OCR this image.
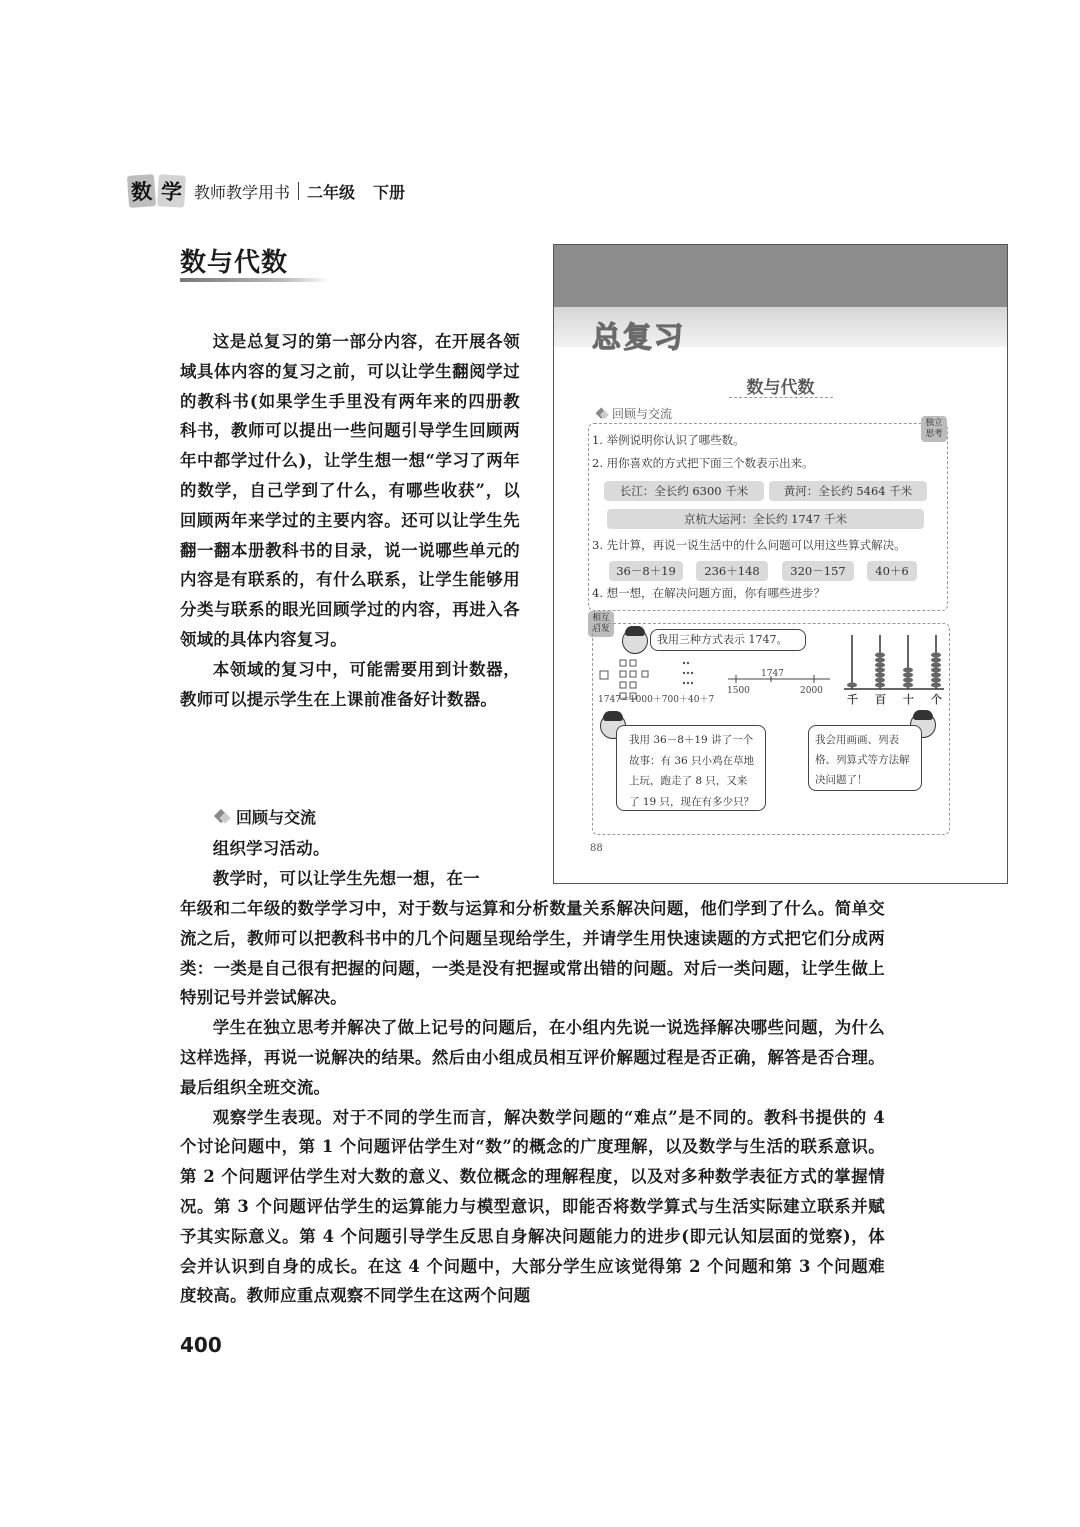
数 学 教师教学用书 二年级 下册
数与代数

这是总复习的第一部分内容，在开展各领域具体内容的复习之前，可以让学生翻阅学过的教科书(如果学生手里没有两年来的四册教科书，教师可以提出一些问题引导学生回顾两年中都学过什么)，让学生想一想“学习了两年的数学，自己学到了什么，有哪些收获”，以回顾两年来学过的主要内容。还可以让学生先翻一翻本册教科书的目录，说一说哪些单元的内容是有联系的，有什么联系，让学生能够用分类与联系的眼光回顾学过的内容，再进入各领域的具体内容复习。

本领域的复习中，可能需要用到计数器，教师可以提示学生在上课前准备好计数器。

回顾与交流

组织学习活动。

教学时，可以让学生先想一想，在一

年级和二年级的数学学习中，对于数与运算和分析数量关系解决问题，他们学到了什么。简单交流之后，教师可以把教科书中的几个问题呈现给学生，并请学生用快速读题的方式把它们分成两类：一类是自己很有把握的问题，一类是没有把握或常出错的问题。对后一类问题，让学生做上特别记号并尝试解决。

学生在独立思考并解决了做上记号的问题后，在小组内先说一说选择解决哪些问题，为什么这样选择，再说一说解决的结果。然后由小组成员相互评价解题过程是否正确，解答是否合理。最后组织全班交流。

观察学生表现。对于不同的学生而言，解决数学问题的“难点”是不同的。教科书提供的 4 个讨论问题中，第 1 个问题评估学生对“数”的概念的广度理解，以及数学与生活的联系意识。第 2 个问题评估学生对大数的意义、数位概念的理解程度，以及对多种数学表征方式的掌握情况。第 3 个问题评估学生的运算能力与模型意识，即能否将数学算式与生活实际建立联系并赋予其实际意义。第 4 个问题引导学生反思自身解决问题能力的进步(即元认知层面的觉察)，体会并认识到自身的成长。在这 4 个问题中，大部分学生应该觉得第 2 个问题和第 3 个问题难度较高。教师应重点观察不同学生在这两个问题

400
总复习
数与代数
回顾与交流
独立
思考
1. 举例说明你认识了哪些数。
2. 用你喜欢的方式把下面三个数表示出来。
长江：全长约 6300 千米	黄河：全长约 5464 千米
京杭大运河：全长约 1747 千米
3. 先计算，再说一说生活中的什么问题可以用这些算式解决。
36－8＋19	236＋148	320－157	40＋6
4. 想一想，在解决问题方面，你有哪些进步？
相互
启发
我用三种方式表示 1747。
1747＝1000＋700＋40＋7
1747
1500	2000
千 百 十 个
我用 36－8＋19 讲了一个故事：有 36 只小鸡在草地上玩，跑走了 8 只，又来了 19 只，现在有多少只？
我会用画画、列表格、列算式等方法解决问题了！
88
